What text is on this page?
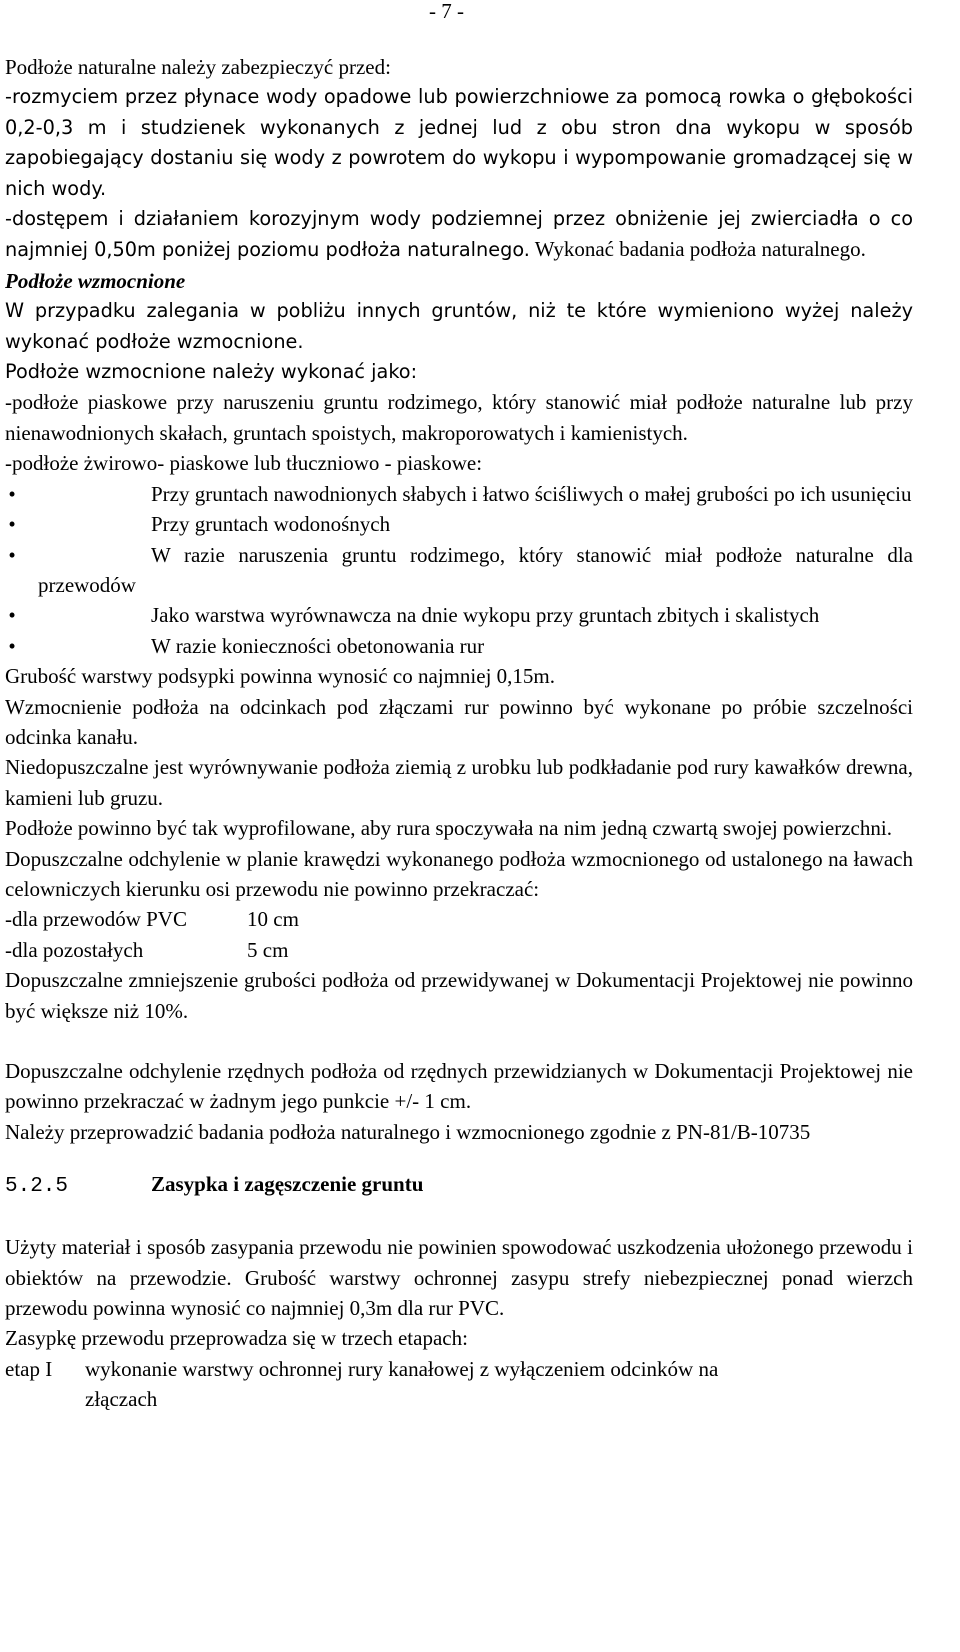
- 7 -

Podłoże naturalne należy zabezpieczyć przed:

-rozmyciem przez płynace wody opadowe lub powierzchniowe za pomocą rowka o głębokości 0,2-0,3 m i studzienek wykonanych z jednej lud z obu stron dna wykopu w sposób zapobiegający dostaniu się wody z powrotem do wykopu i wypompowanie gromadzącej się w nich wody.

-dostępem i działaniem korozyjnym wody podziemnej przez obniżenie jej zwierciadła o co najmniej 0,50m poniżej poziomu podłoża naturalnego. Wykonać badania podłoża naturalnego.

Podłoże wzmocnione

W przypadku zalegania w pobliżu innych gruntów, niż te które wymieniono wyżej należy wykonać podłoże wzmocnione.

Podłoże wzmocnione należy wykonać jako:

-podłoże piaskowe przy naruszeniu gruntu rodzimego, który stanowić miał podłoże naturalne lub przy nienawodnionych skałach, gruntach spoistych, makroporowatych i kamienistych.

-podłoże żwirowo- piaskowe lub tłuczniowo - piaskowe:

•	Przy gruntach nawodnionych słabych i łatwo ściśliwych o małej grubości po ich usunięciu
•	Przy gruntach wodonośnych
•	W razie naruszenia gruntu rodzimego, który stanowić miał podłoże naturalne dla przewodów
•	Jako warstwa wyrównawcza na dnie wykopu przy gruntach zbitych i skalistych
•	W razie konieczności obetonowania rur

Grubość warstwy podsypki powinna wynosić co najmniej 0,15m.

Wzmocnienie podłoża na odcinkach pod złączami rur powinno być wykonane po próbie szczelności odcinka kanału.

Niedopuszczalne jest wyrównywanie podłoża ziemią z urobku lub podkładanie pod rury kawałków drewna, kamieni lub gruzu.

Podłoże powinno być tak wyprofilowane, aby rura spoczywała na nim jedną czwartą swojej powierzchni.

Dopuszczalne odchylenie w planie krawędzi wykonanego podłoża wzmocnionego od ustalonego na ławach celowniczych kierunku osi przewodu nie powinno przekraczać:

-dla przewodów PVC	10 cm
-dla pozostałych	5 cm

Dopuszczalne zmniejszenie grubości podłoża od przewidywanej w Dokumentacji Projektowej nie powinno być większe niż 10%.

Dopuszczalne odchylenie rzędnych podłoża od rzędnych przewidzianych w Dokumentacji Projektowej nie powinno przekraczać w żadnym jego punkcie +/- 1 cm.

Należy przeprowadzić badania podłoża naturalnego i wzmocnionego zgodnie z PN-81/B-10735

5.2.5	Zasypka i zagęszczenie gruntu

Użyty materiał i sposób zasypania przewodu nie powinien spowodować uszkodzenia ułożonego przewodu i obiektów na przewodzie. Grubość warstwy ochronnej zasypu strefy niebezpiecznej ponad wierzch przewodu powinna wynosić co najmniej 0,3m dla rur PVC.

Zasypkę przewodu przeprowadza się w trzech etapach:

etap I	wykonanie warstwy ochronnej rury kanałowej z wyłączeniem odcinków na złączach
